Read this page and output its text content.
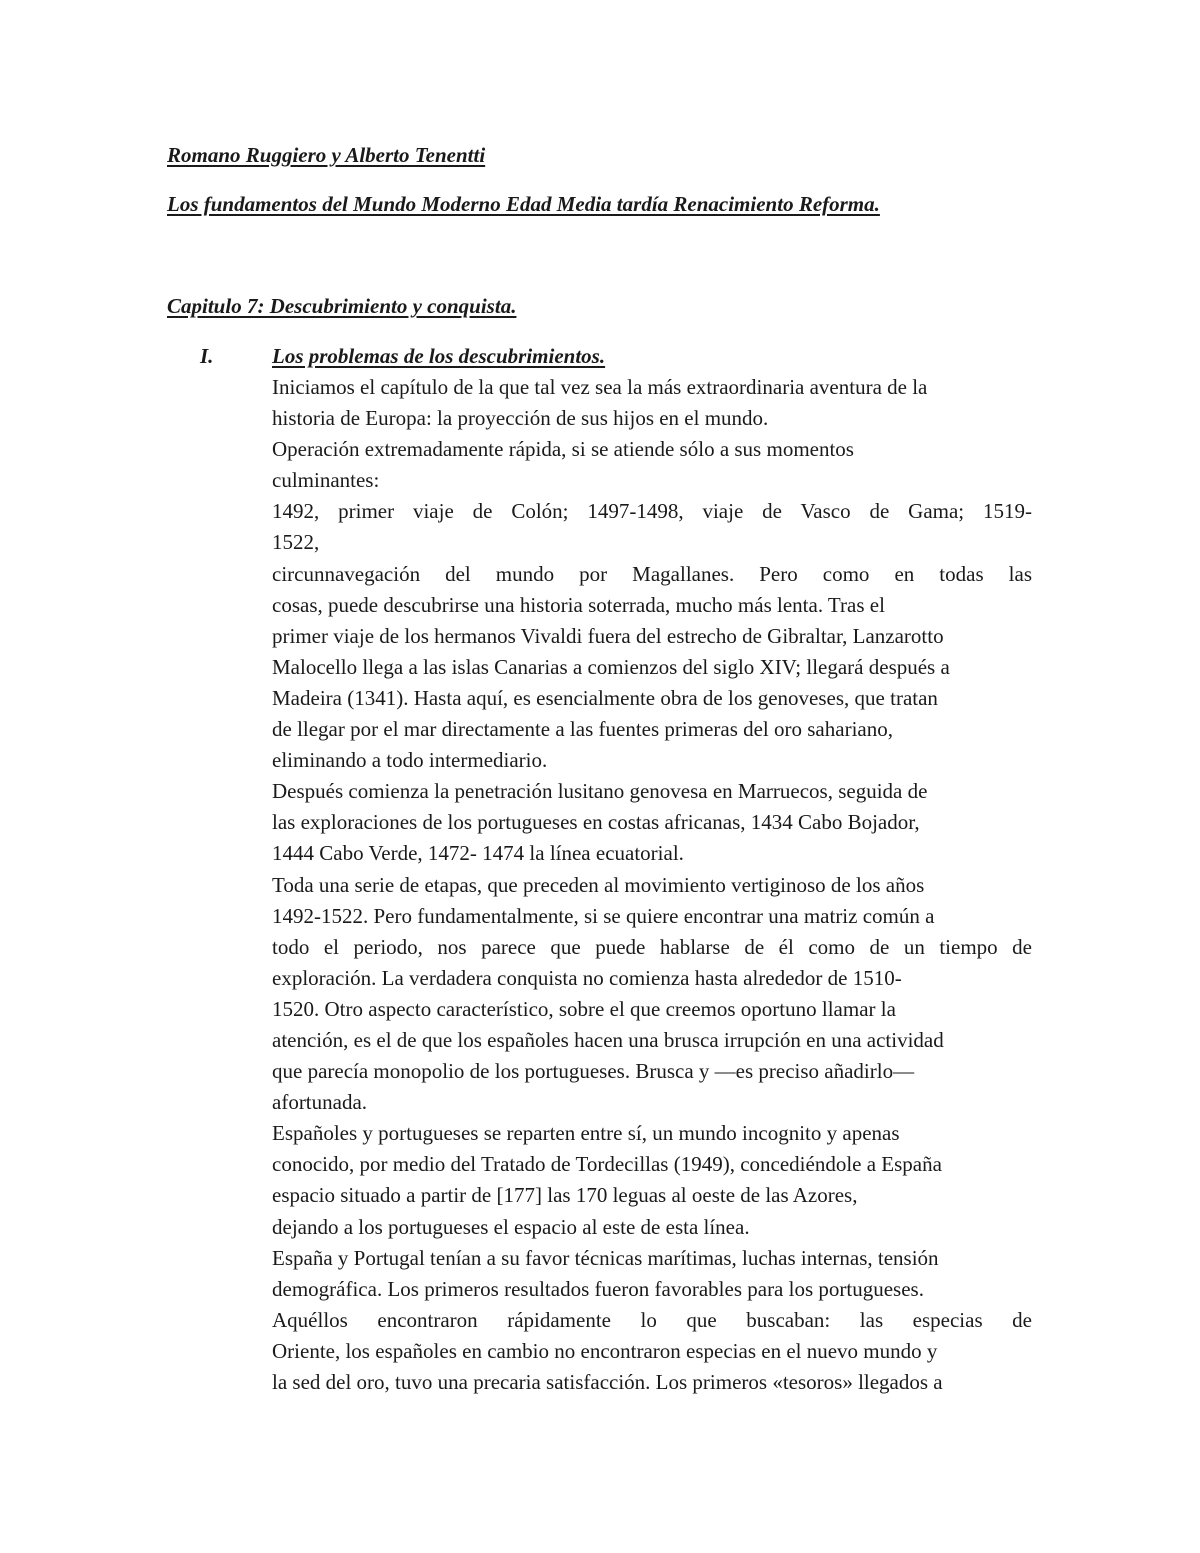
Romano Ruggiero y Alberto Tenentti
Los fundamentos del Mundo Moderno Edad Media tardía Renacimiento Reforma.
Capitulo 7: Descubrimiento y conquista.
I.	Los problemas de los descubrimientos.
Iniciamos el capítulo de la que tal vez sea la más extraordinaria aventura de la
historia de Europa: la proyección de sus hijos en el mundo.
Operación extremadamente rápida, si se atiende sólo a sus momentos
culminantes:
1492, primer viaje de Colón; 1497-1498, viaje de Vasco de Gama; 1519-
1522,
circunnavegación del mundo por Magallanes. Pero como en todas las
cosas, puede descubrirse una historia soterrada, mucho más lenta. Tras el
primer viaje de los hermanos Vivaldi fuera del estrecho de Gibraltar, Lanzarotto
Malocello llega a las islas Canarias a comienzos del siglo XIV; llegará después a
Madeira (1341). Hasta aquí, es esencialmente obra de los genoveses, que tratan
de llegar por el mar directamente a las fuentes primeras del oro sahariano,
eliminando a todo intermediario.
Después comienza la penetración lusitano genovesa en Marruecos, seguida de
las exploraciones de los portugueses en costas africanas, 1434 Cabo Bojador,
1444 Cabo Verde, 1472- 1474 la línea ecuatorial.
Toda una serie de etapas, que preceden al movimiento vertiginoso de los años
1492-1522. Pero fundamentalmente, si se quiere encontrar una matriz común a
todo el periodo, nos parece que puede hablarse de él como de un tiempo de
exploración. La verdadera conquista no comienza hasta alrededor de 1510-
1520. Otro aspecto característico, sobre el que creemos oportuno llamar la
atención, es el de que los españoles hacen una brusca irrupción en una actividad
que parecía monopolio de los portugueses. Brusca y —es preciso añadirlo—
afortunada.
Españoles y portugueses se reparten entre sí, un mundo incognito y apenas
conocido, por medio del Tratado de Tordecillas (1949), concediéndole a España
espacio situado a partir de [177] las 170 leguas al oeste de las Azores,
dejando a los portugueses el espacio al este de esta línea.
España y Portugal tenían a su favor técnicas marítimas, luchas internas, tensión
demográfica. Los primeros resultados fueron favorables para los portugueses.
Aquéllos encontraron rápidamente lo que buscaban: las especias de
Oriente, los españoles en cambio no encontraron especias en el nuevo mundo y
la sed del oro, tuvo una precaria satisfacción. Los primeros «tesoros» llegados a
